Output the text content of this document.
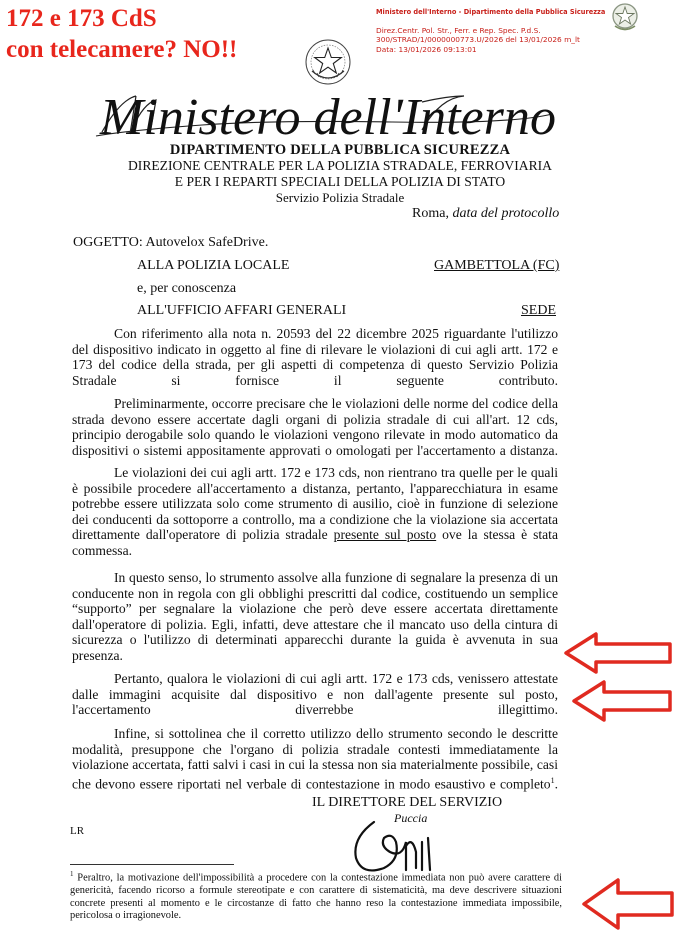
172 e 173 CdS
con telecamere? NO!!
Ministero dell'Interno - Dipartimento della Pubblica Sicurezza
Direz.Centr. Pol. Str., Ferr. e Rep. Spec. P.d.S.
300/STRAD/1/0000000773.U/2026 del 13/01/2026 m_lt
Data: 13/01/2026 09:13:01
Ministero dell'Interno
DIPARTIMENTO DELLA PUBBLICA SICUREZZA
DIREZIONE CENTRALE PER LA POLIZIA STRADALE, FERROVIARIA
E PER I REPARTI SPECIALI DELLA POLIZIA DI STATO
Servizio Polizia Stradale
Roma, data del protocollo
OGGETTO: Autovelox SafeDrive.
ALLA POLIZIA LOCALE	GAMBETTOLA (FC)
e, per conoscenza
ALL'UFFICIO AFFARI GENERALI	SEDE

Con riferimento alla nota n. 20593 del 22 dicembre 2025 riguardante l'utilizzo del dispositivo indicato in oggetto al fine di rilevare le violazioni di cui agli artt. 172 e 173 del codice della strada, per gli aspetti di competenza di questo Servizio Polizia Stradale si fornisce il seguente contributo.

Preliminarmente, occorre precisare che le violazioni delle norme del codice della strada devono essere accertate dagli organi di polizia stradale di cui all'art. 12 cds, principio derogabile solo quando le violazioni vengono rilevate in modo automatico da dispositivi o sistemi appositamente approvati o omologati per l'accertamento a distanza.

Le violazioni dei cui agli artt. 172 e 173 cds, non rientrano tra quelle per le quali è possibile procedere all'accertamento a distanza, pertanto, l'apparecchiatura in esame potrebbe essere utilizzata solo come strumento di ausilio, cioè in funzione di selezione dei conducenti da sottoporre a controllo, ma a condizione che la violazione sia accertata direttamente dall'operatore di polizia stradale presente sul posto ove la stessa è stata commessa.

In questo senso, lo strumento assolve alla funzione di segnalare la presenza di un conducente non in regola con gli obblighi prescritti dal codice, costituendo un semplice “supporto” per segnalare la violazione che però deve essere accertata direttamente dall'operatore di polizia. Egli, infatti, deve attestare che il mancato uso della cintura di sicurezza o l'utilizzo di determinati apparecchi durante la guida è avvenuta in sua presenza.

Pertanto, qualora le violazioni di cui agli artt. 172 e 173 cds, venissero attestate dalle immagini acquisite dal dispositivo e non dall'agente presente sul posto, l'accertamento diverrebbe illegittimo.

Infine, si sottolinea che il corretto utilizzo dello strumento secondo le descritte modalità, presuppone che l'organo di polizia stradale contesti immediatamente la violazione accertata, fatti salvi i casi in cui la stessa non sia materialmente possibile, casi che devono essere riportati nel verbale di contestazione in modo esaustivo e completo$^1$.

IL DIRETTORE DEL SERVIZIO
Puccia
LR
$^1$ Peraltro, la motivazione dell'impossibilità a procedere con la contestazione immediata non può avere carattere di genericità, facendo ricorso a formule stereotipate e con carattere di sistematicità, ma deve descrivere situazioni concrete presenti al momento e le circostanze di fatto che hanno reso la contestazione immediata impossibile, pericolosa o irragionevole.
